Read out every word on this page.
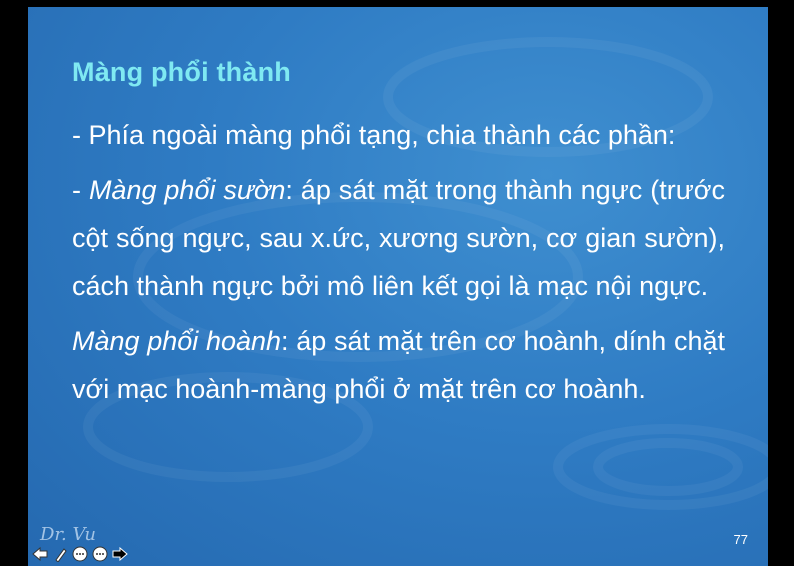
Màng phổi thành

- Phía ngoài màng phổi tạng, chia thành các phần:

- Màng phổi sườn: áp sát mặt trong thành ngực (trước cột sống ngực, sau x.ức, xương sườn, cơ gian sườn), cách thành ngực bởi mô liên kết gọi là mạc nội ngực.

Màng phổi hoành: áp sát mặt trên cơ hoành, dính chặt với mạc hoành-màng phổi ở mặt trên cơ hoành.

Dr. Vu	77
